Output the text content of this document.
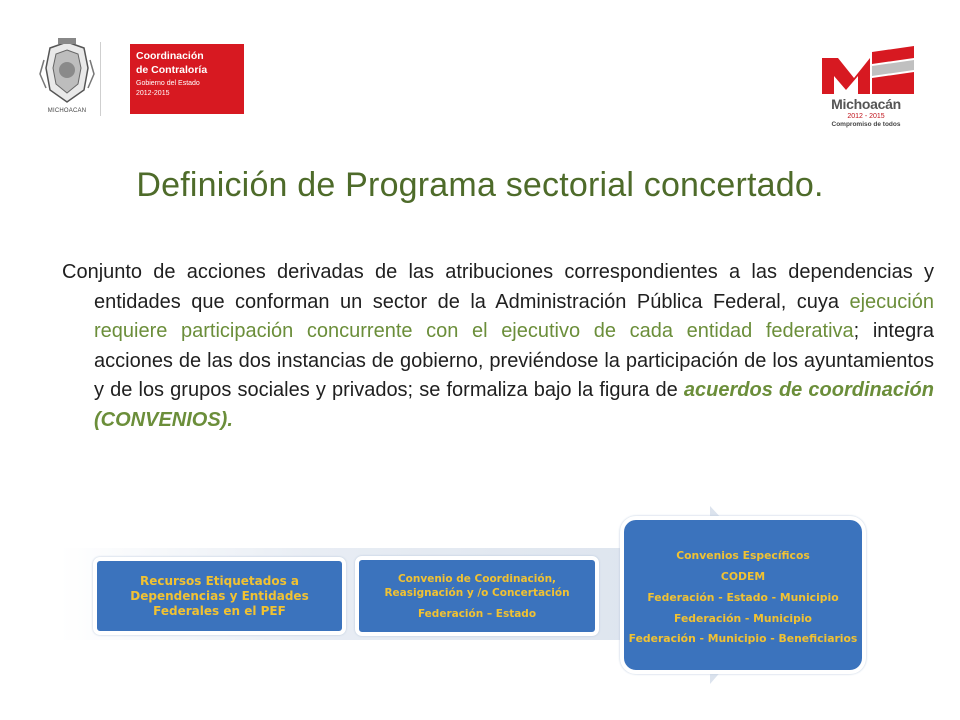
MICHOACAN
Coordinación
de Contraloría
Gobierno del Estado
2012-2015
Michoacán
2012 - 2015
Compromiso de todos
Definición de Programa sectorial concertado.
Conjunto de acciones derivadas de las atribuciones correspondientes a las dependencias y entidades que conforman un sector de la Administración Pública Federal, cuya ejecución requiere participación concurrente con el ejecutivo de cada entidad federativa; integra acciones de las dos instancias de gobierno, previéndose la participación de los ayuntamientos y de los grupos sociales y privados; se formaliza bajo la figura de acuerdos de coordinación (CONVENIOS).
Recursos Etiquetados a
Dependencias y Entidades
Federales en el PEF
Convenio de Coordinación,
Reasignación y /o Concertación
Federación – Estado
Convenios Específicos
CODEM
Federación - Estado - Municipio
Federación - Municipio
Federación - Municipio - Beneficiarios
